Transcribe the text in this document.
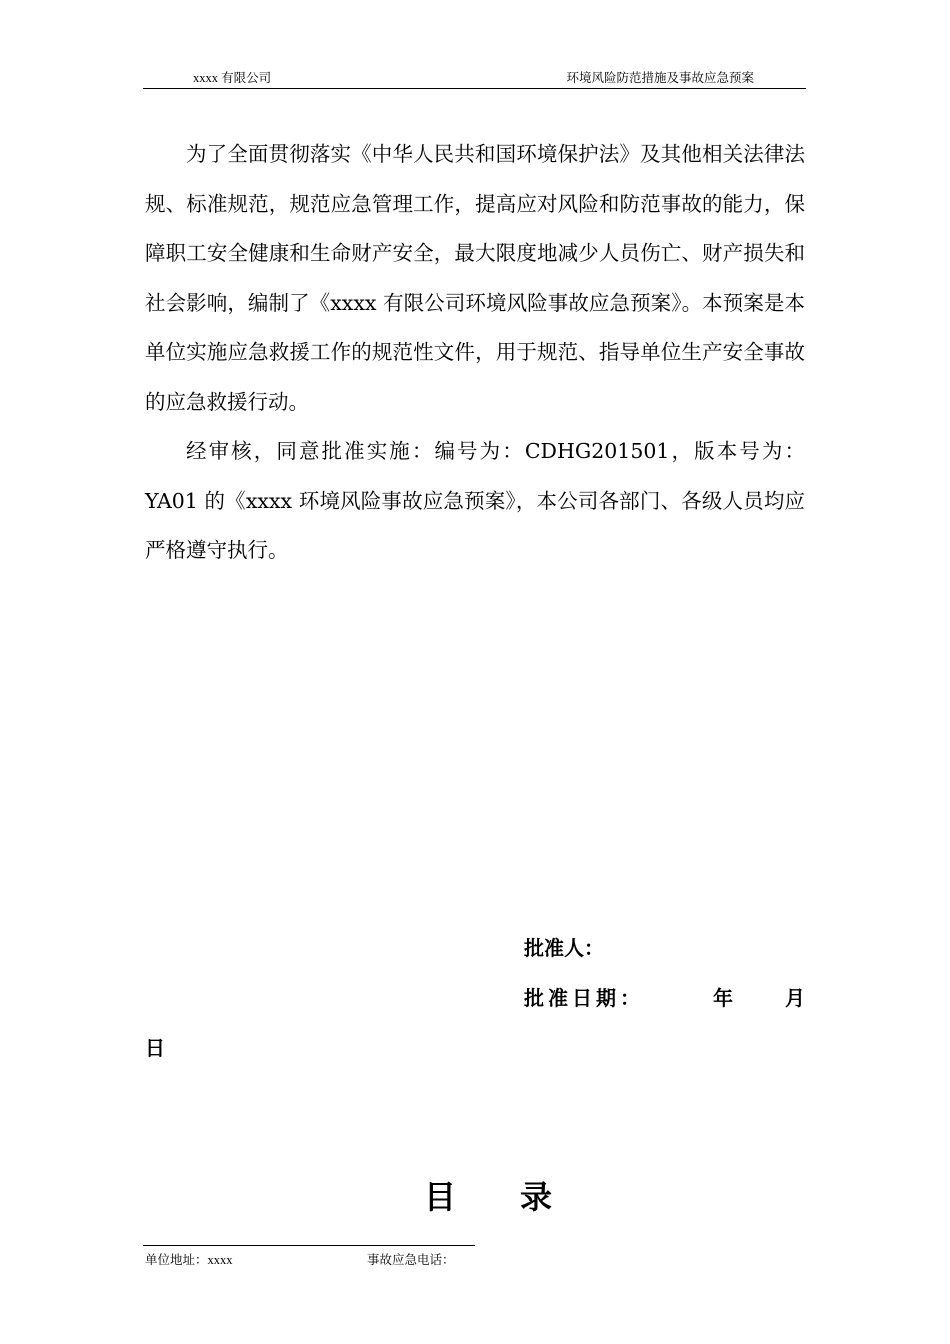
xxxx 有限公司	环境风险防范措施及事故应急预案

为了全面贯彻落实《中华人民共和国环境保护法》及其他相关法律法规、标准规范，规范应急管理工作，提高应对风险和防范事故的能力，保障职工安全健康和生命财产安全，最大限度地减少人员伤亡、财产损失和社会影响，编制了《xxxx 有限公司环境风险事故应急预案》。本预案是本单位实施应急救援工作的规范性文件，用于规范、指导单位生产安全事故的应急救援行动。

经审核，同意批准实施：编号为：CDHG201501，版本号为：YA01 的《xxxx 环境风险事故应急预案》，本公司各部门、各级人员均应严格遵守执行。

批准人：
批准日期：	年	月
日
目录
单位地址：xxxx	事故应急电话：
